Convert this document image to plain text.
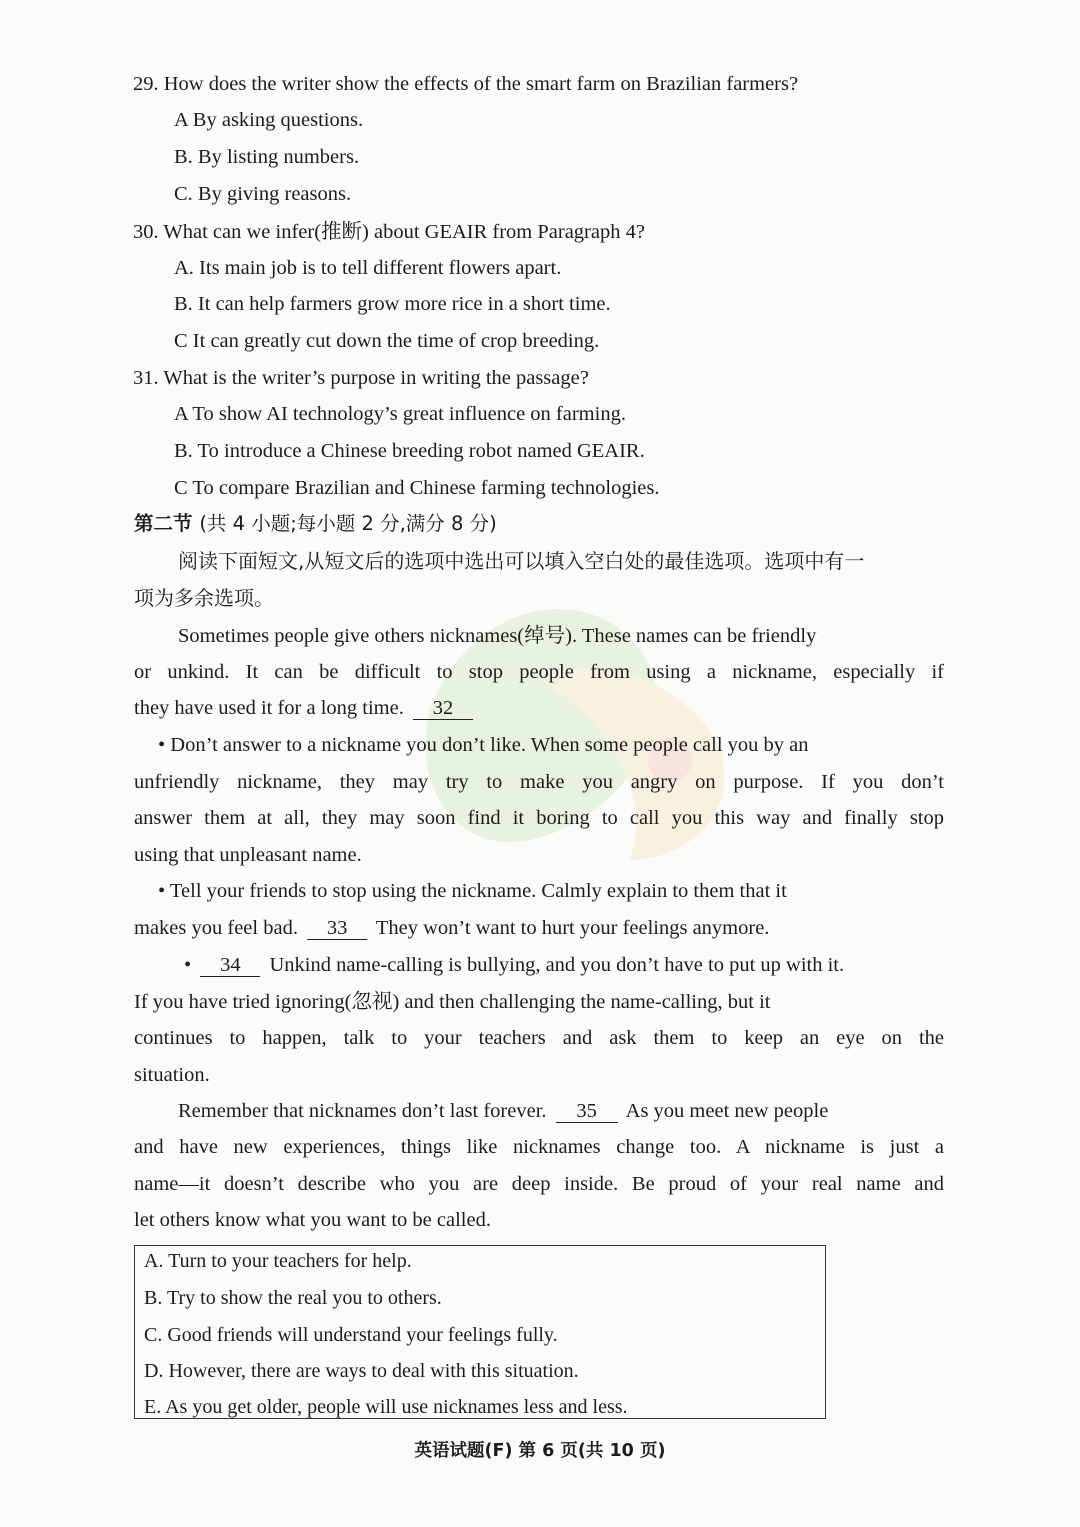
29. How does the writer show the effects of the smart farm on Brazilian farmers?
A By asking questions.
B. By listing numbers.
C. By giving reasons.
30. What can we infer(推断) about GEAIR from Paragraph 4?
A. Its main job is to tell different flowers apart.
B. It can help farmers grow more rice in a short time.
C It can greatly cut down the time of crop breeding.
31. What is the writer’s purpose in writing the passage?
A To show AI technology’s great influence on farming.
B. To introduce a Chinese breeding robot named GEAIR.
C To compare Brazilian and Chinese farming technologies.
第二节 (共 4 小题;每小题 2 分,满分 8 分)
阅读下面短文,从短文后的选项中选出可以填入空白处的最佳选项。选项中有一
项为多余选项。
Sometimes people give others nicknames(绰号). These names can be friendly
or unkind. It can be difficult to stop people from using a nickname, especially if
they have used it for a long time. 32
• Don’t answer to a nickname you don’t like. When some people call you by an
unfriendly nickname, they may try to make you angry on purpose. If you don’t
answer them at all, they may soon find it boring to call you this way and finally stop
using that unpleasant name.
• Tell your friends to stop using the nickname. Calmly explain to them that it
makes you feel bad. 33 They won’t want to hurt your feelings anymore.
• 34 Unkind name-calling is bullying, and you don’t have to put up with it.
If you have tried ignoring(忽视) and then challenging the name-calling, but it
continues to happen, talk to your teachers and ask them to keep an eye on the
situation.
Remember that nicknames don’t last forever. 35 As you meet new people
and have new experiences, things like nicknames change too. A nickname is just a
name—it doesn’t describe who you are deep inside. Be proud of your real name and
let others know what you want to be called.
A. Turn to your teachers for help.
B. Try to show the real you to others.
C. Good friends will understand your feelings fully.
D. However, there are ways to deal with this situation.
E. As you get older, people will use nicknames less and less.
英语试题(F) 第 6 页(共 10 页)
